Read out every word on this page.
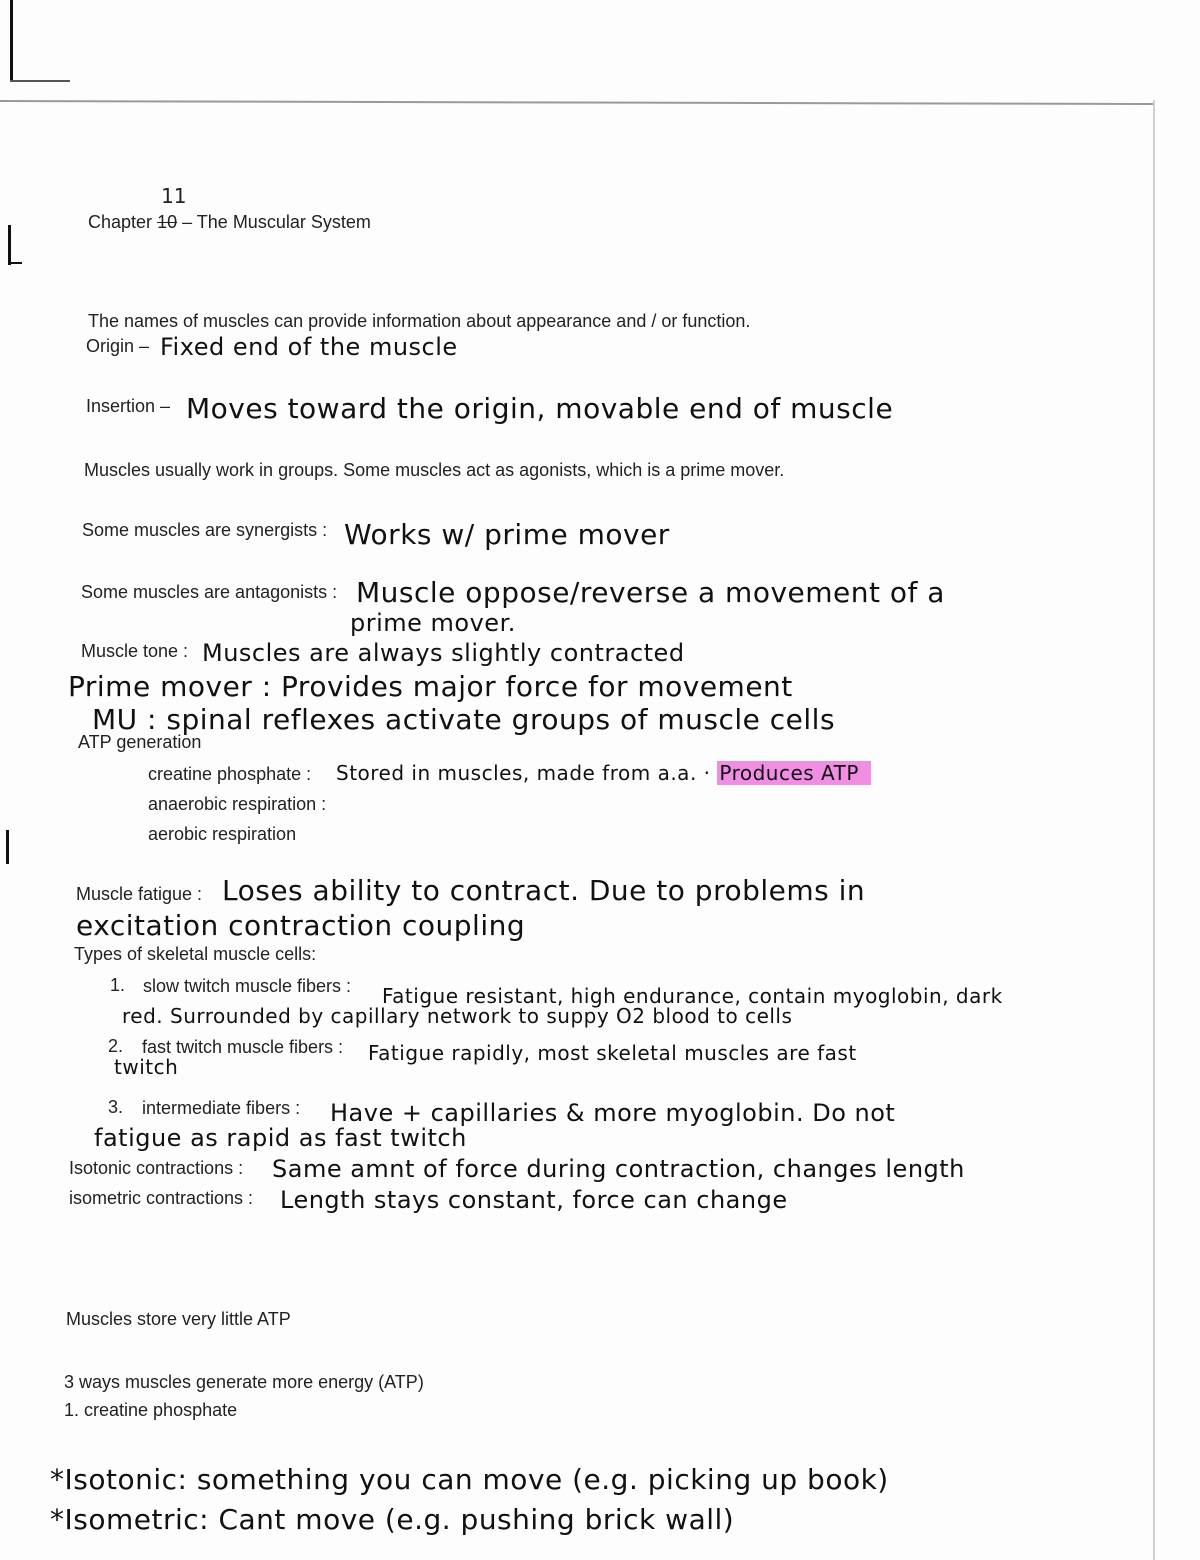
Chapter
11
10 – The Muscular System
The names of muscles can provide information about appearance and / or function.
Origin – Fixed end of the muscle
Insertion – Moves toward the origin, movable end of muscle
Muscles usually work in groups. Some muscles act as agonists, which is a prime mover.
Some muscles are synergists : Works w/ prime mover
Some muscles are antagonists : Muscle oppose/reverse a movement of a
prime mover.
Muscle tone : Muscles are always slightly contracted
Prime mover : Provides major force for movement
MU : spinal reflexes activate groups of muscle cells
ATP generation
creatine phosphate : Stored in muscles, made from a.a. · Produces ATP
anaerobic respiration :
aerobic respiration
Muscle fatigue : Loses ability to contract. Due to problems in
excitation contraction coupling
Types of skeletal muscle cells:
1. slow twitch muscle fibers : Fatigue resistant, high endurance, contain myoglobin, dark
red. Surrounded by capillary network to suppy O2 blood to cells
2. fast twitch muscle fibers : Fatigue rapidly, most skeletal muscles are fast
twitch
3. intermediate fibers : Have + capillaries & more myoglobin. Do not
fatigue as rapid as fast twitch
Isotonic contractions : Same amnt of force during contraction, changes length
isometric contractions : Length stays constant, force can change
Muscles store very little ATP
3 ways muscles generate more energy (ATP)
1. creatine phosphate
*Isotonic: something you can move (e.g. picking up book)
*Isometric: Cant move (e.g. pushing brick wall)
